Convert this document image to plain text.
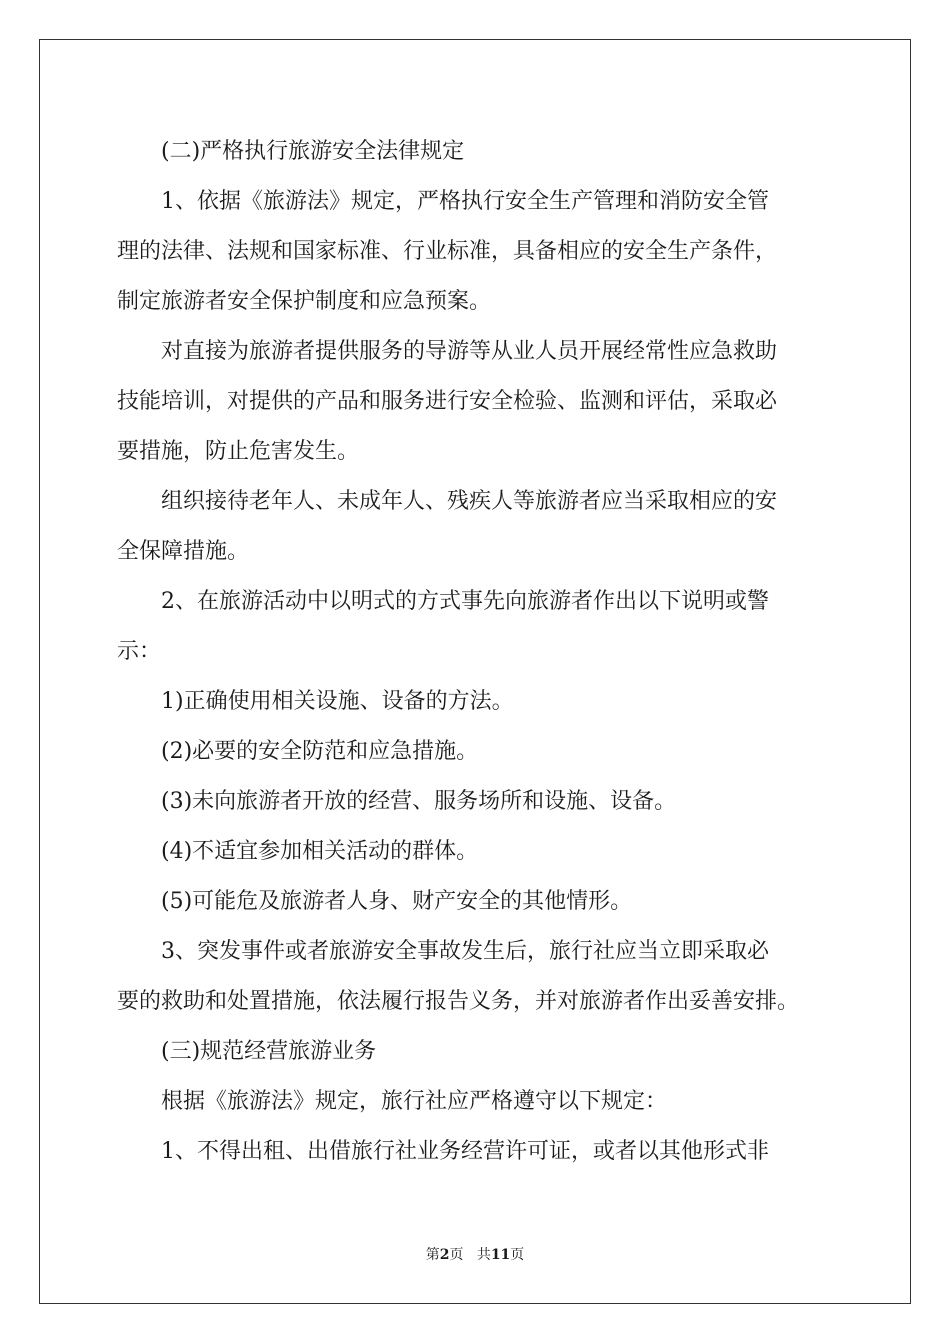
　　(二)严格执行旅游安全法律规定
　　1、依据《旅游法》规定，严格执行安全生产管理和消防安全管
理的法律、法规和国家标准、行业标准，具备相应的安全生产条件，
制定旅游者安全保护制度和应急预案。
　　对直接为旅游者提供服务的导游等从业人员开展经常性应急救助
技能培训，对提供的产品和服务进行安全检验、监测和评估，采取必
要措施，防止危害发生。
　　组织接待老年人、未成年人、残疾人等旅游者应当采取相应的安
全保障措施。
　　2、在旅游活动中以明式的方式事先向旅游者作出以下说明或警
示：
　　1)正确使用相关设施、设备的方法。
　　(2)必要的安全防范和应急措施。
　　(3)未向旅游者开放的经营、服务场所和设施、设备。
　　(4)不适宜参加相关活动的群体。
　　(5)可能危及旅游者人身、财产安全的其他情形。
　　3、突发事件或者旅游安全事故发生后，旅行社应当立即采取必
要的救助和处置措施，依法履行报告义务，并对旅游者作出妥善安排。
　　(三)规范经营旅游业务
　　根据《旅游法》规定，旅行社应严格遵守以下规定：
　　1、不得出租、出借旅行社业务经营许可证，或者以其他形式非
第2页 共11页
